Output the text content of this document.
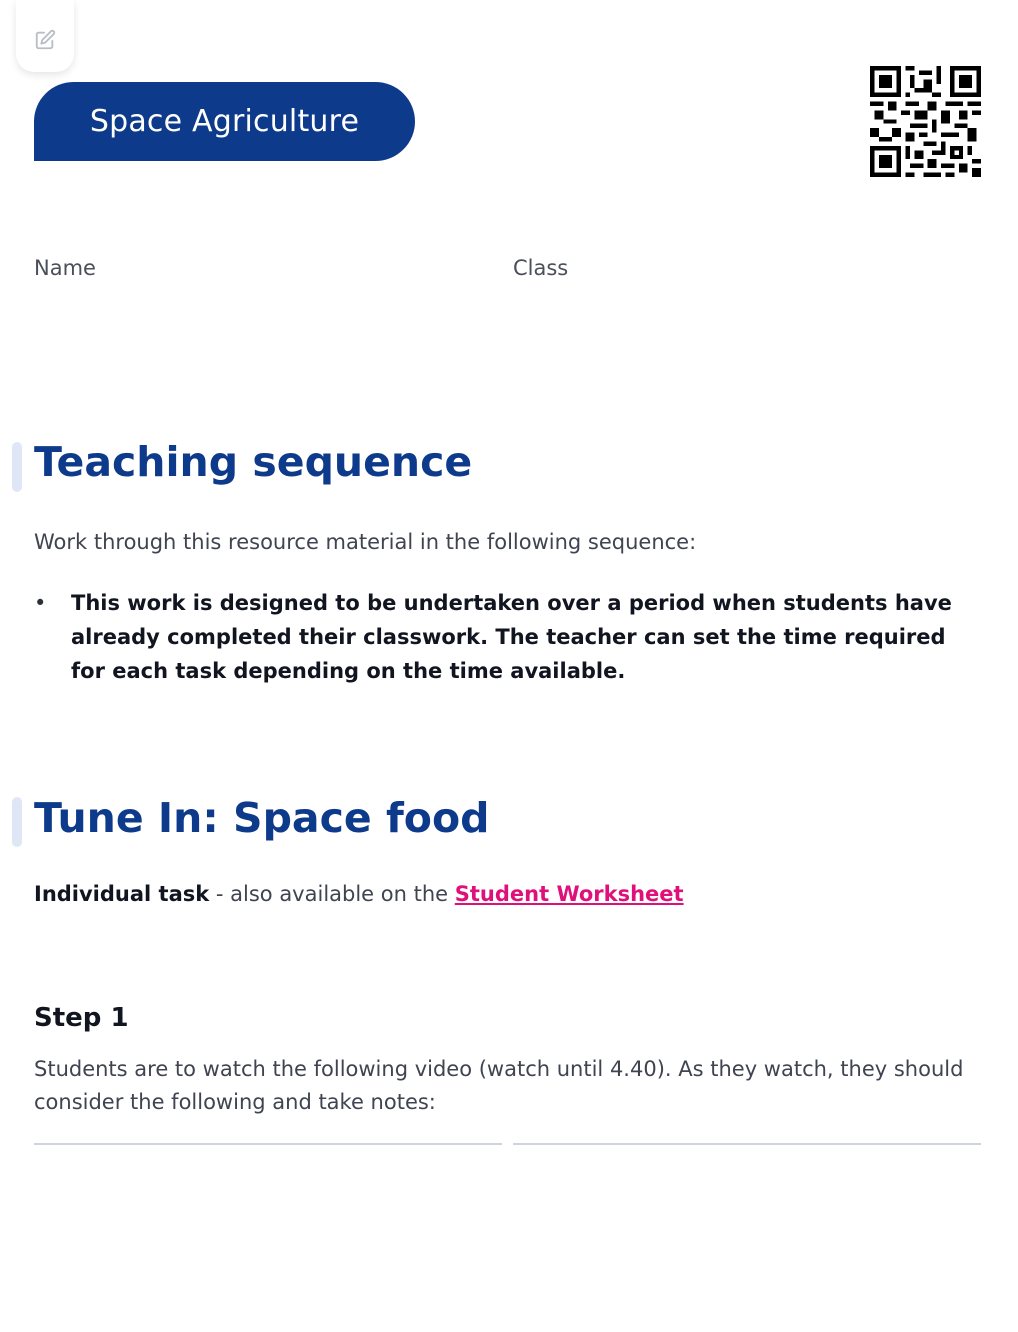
Space Agriculture
Name	Class
Teaching sequence

Work through this resource material in the following sequence:

• This work is designed to be undertaken over a period when students have already completed their classwork. The teacher can set the time required for each task depending on the time available.
Tune In: Space food
Individual task - also available on the Student Worksheet
Step 1

Students are to watch the following video (watch until 4.40). As they watch, they should consider the following and take notes:
